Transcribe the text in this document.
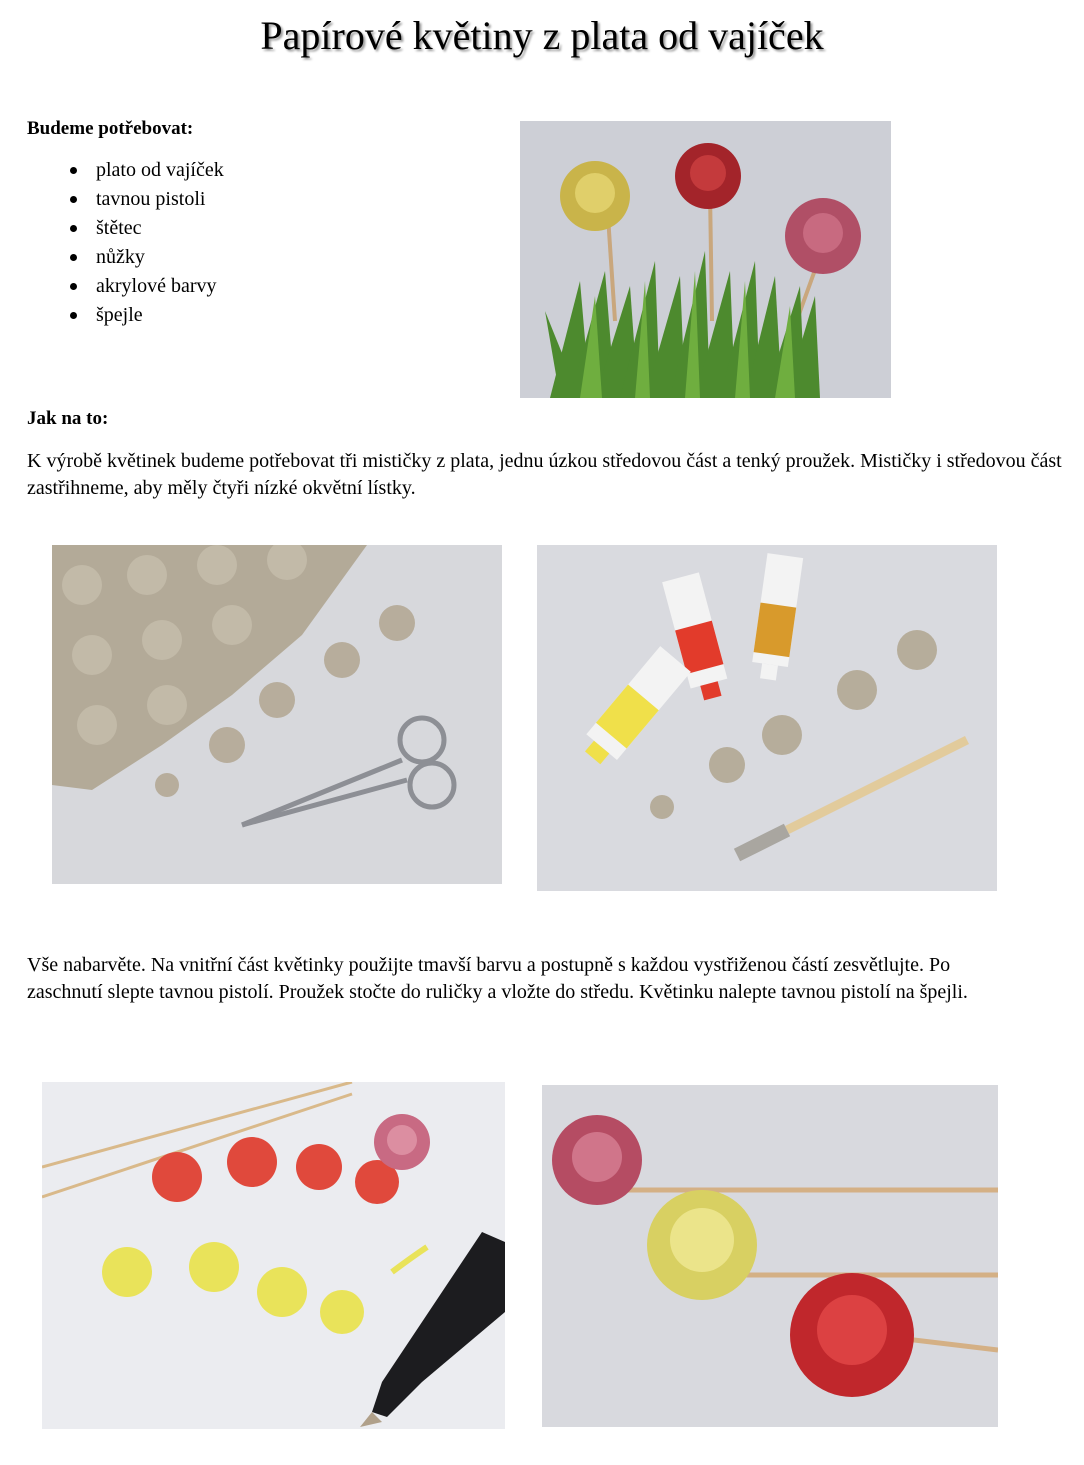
Papírové květiny z plata od vajíček
Budeme potřebovat:
plato od vajíček
tavnou pistoli
štětec
nůžky
akrylové barvy
špejle
Jak na to:

K výrobě květinek budeme potřebovat tři mističky z plata, jednu úzkou středovou část a tenký proužek. Mističky i středovou část zastřihneme, aby měly čtyři nízké okvětní lístky.

Vše nabarvěte. Na vnitřní část květinky použijte tmavší barvu a postupně s každou vystřiženou částí zesvětlujte. Po zaschnutí slepte tavnou pistolí. Proužek stočte do ruličky a vložte do středu. Květinku nalepte tavnou pistolí na špejli.
